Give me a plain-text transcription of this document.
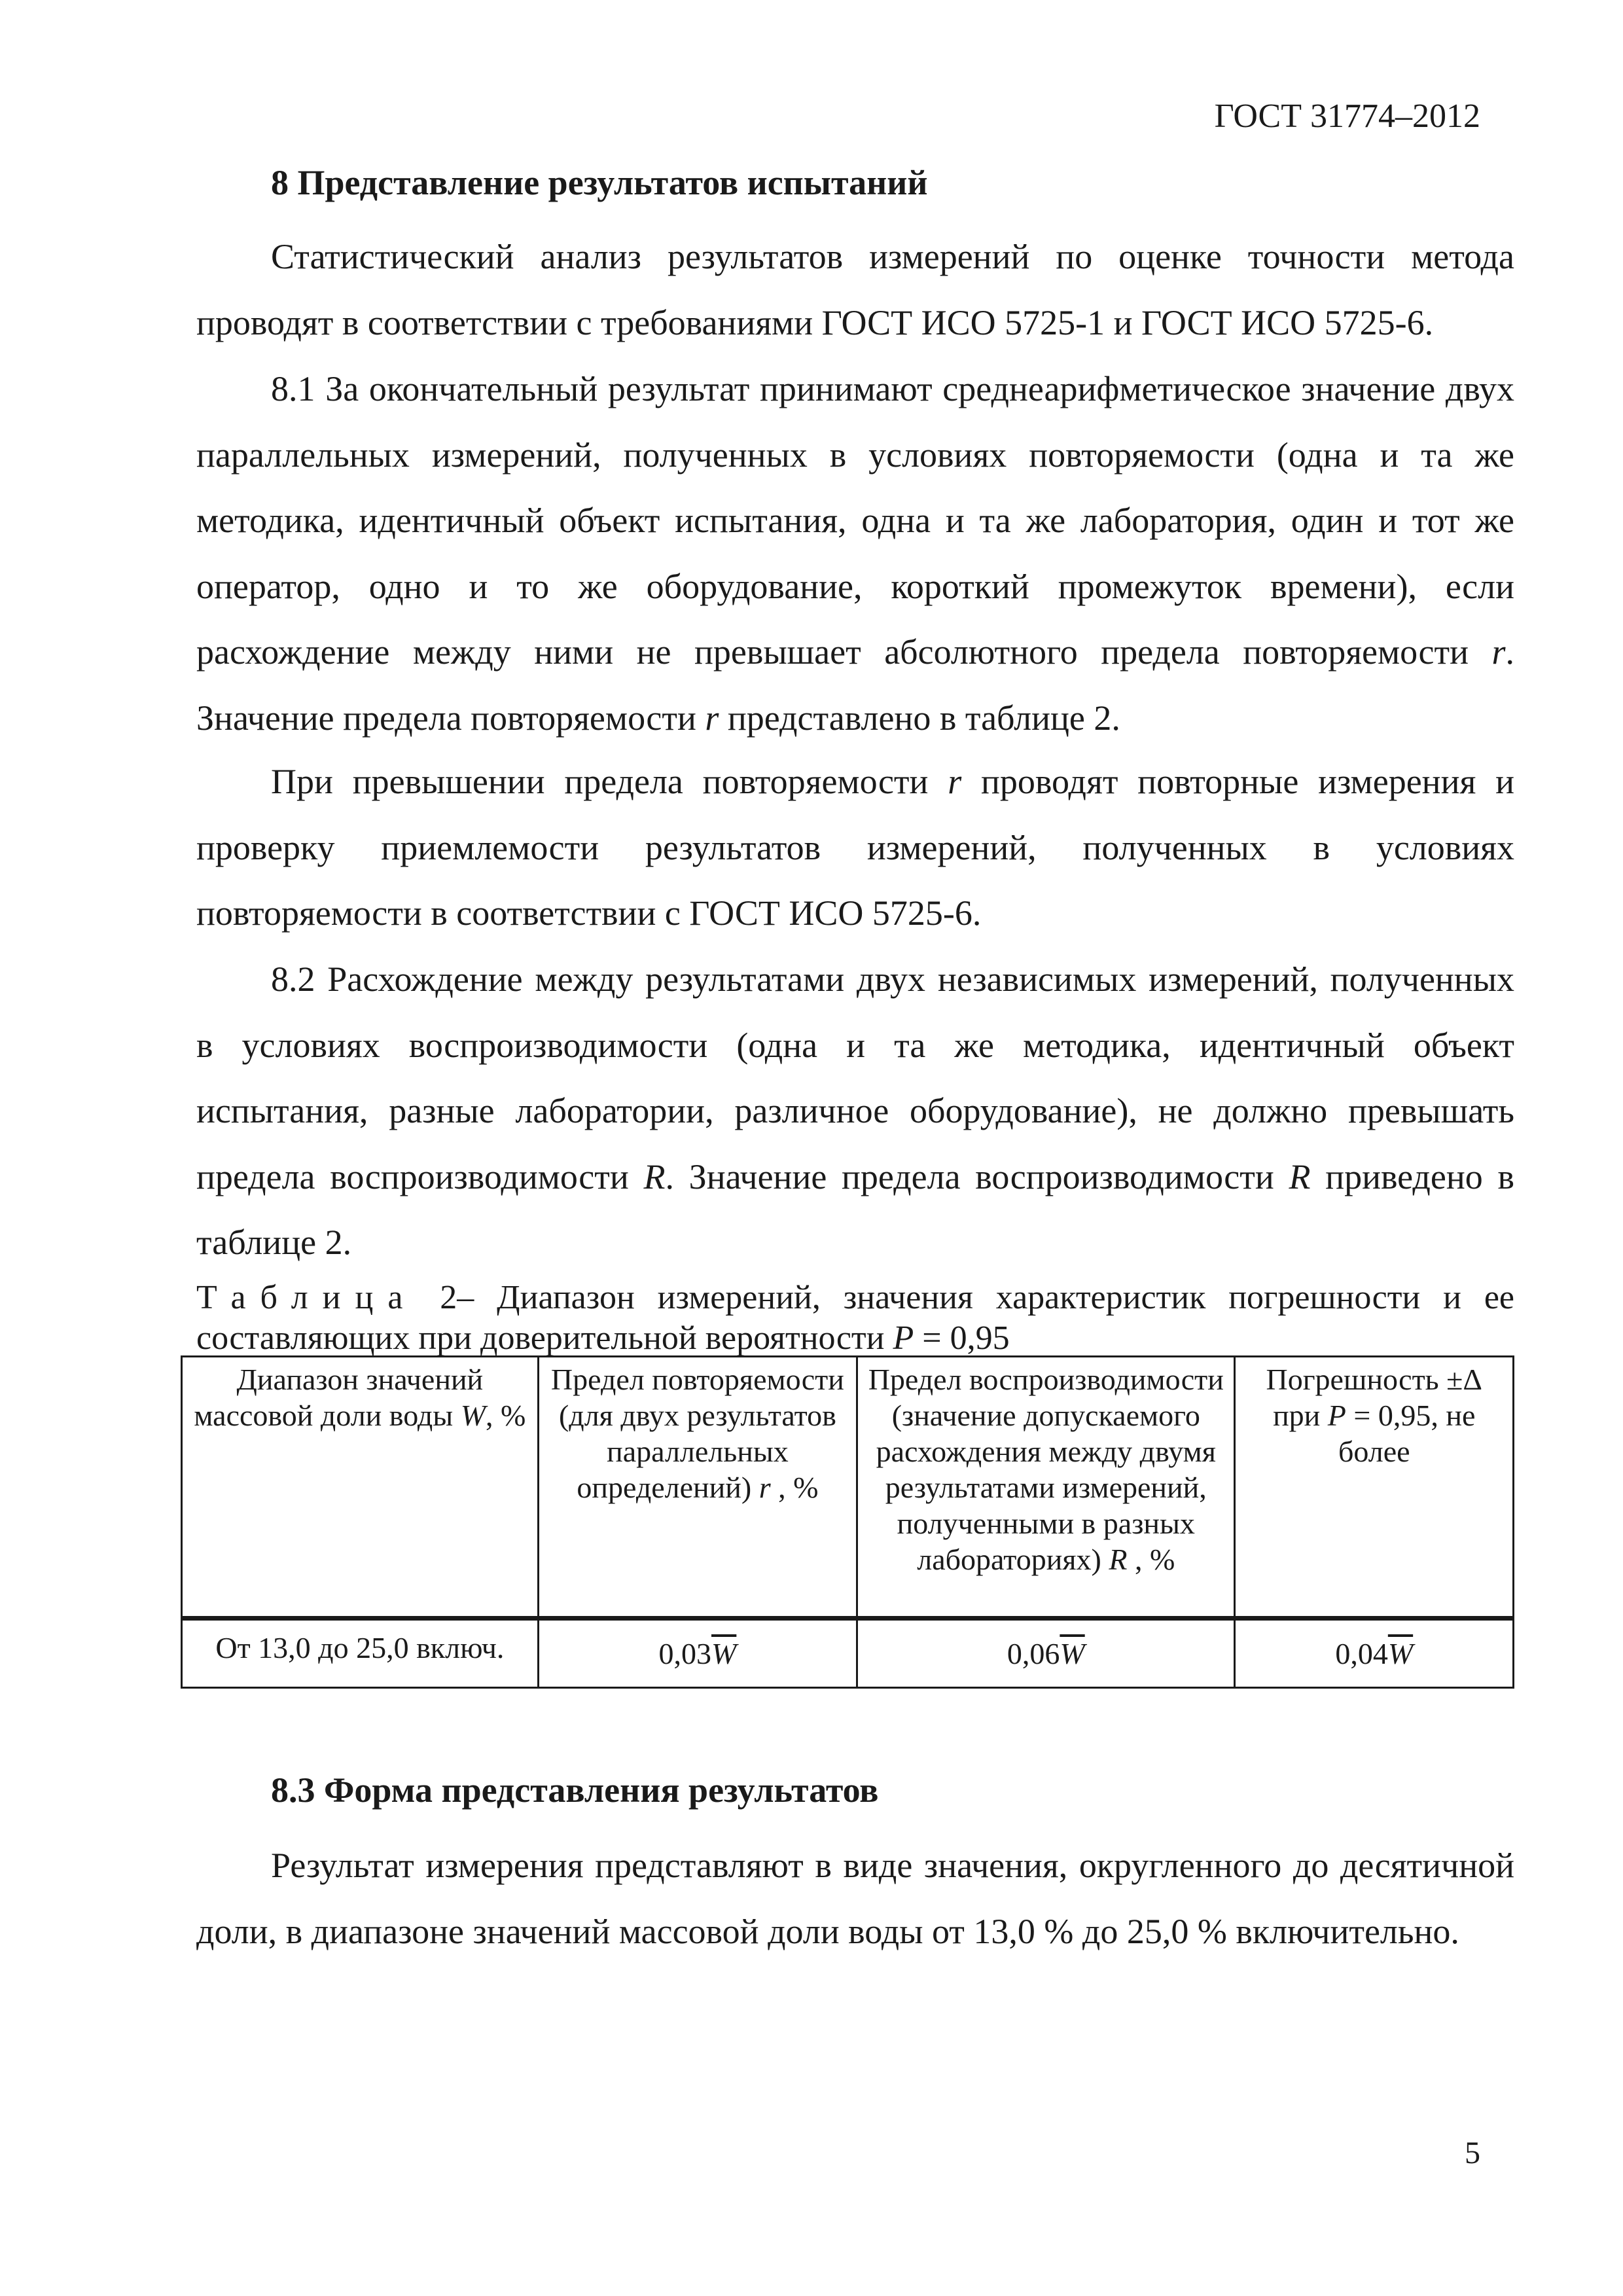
ГОСТ 31774–2012

8 Представление результатов испытаний

Статистический анализ результатов измерений по оценке точности метода проводят в соответствии с требованиями ГОСТ ИСО 5725-1 и ГОСТ ИСО 5725-6.

8.1 За окончательный результат принимают среднеарифметическое значение двух параллельных измерений, полученных в условиях повторяемости (одна и та же методика, идентичный объект испытания, одна и та же лаборатория, один и тот же оператор, одно и то же оборудование, короткий промежуток времени), если расхождение между ними не превышает абсолютного предела повторяемости r. Значение предела повторяемости r представлено в таблице 2.

При превышении предела повторяемости r проводят повторные измерения и проверку приемлемости результатов измерений, полученных в условиях повторяемости в соответствии с ГОСТ ИСО 5725-6.

8.2 Расхождение между результатами двух независимых измерений, полученных в условиях воспроизводимости (одна и та же методика, идентичный объект испытания, разные лаборатории, различное оборудование), не должно превышать предела воспроизводимости R. Значение предела воспроизводимости R приведено в таблице 2.

Таблица 2– Диапазон измерений, значения характеристик погрешности и ее составляющих при доверительной вероятности P = 0,95

Диапазон значений массовой доли воды W, %	Предел повторяемости (для двух результатов параллельных определений) r , %	Предел воспроизводимости (значение допускаемого расхождения между двумя результатами измерений, полученными в разных лабораториях) R , %	Погрешность ±Δ при P = 0,95, не более
От 13,0 до 25,0 включ.	$0,03\overline{W}$	$0,06\overline{W}$	$0,04\overline{W}$

8.3 Форма представления результатов

Результат измерения представляют в виде значения, округленного до десятичной доли, в диапазоне значений массовой доли воды от 13,0 % до 25,0 % включительно.

5
